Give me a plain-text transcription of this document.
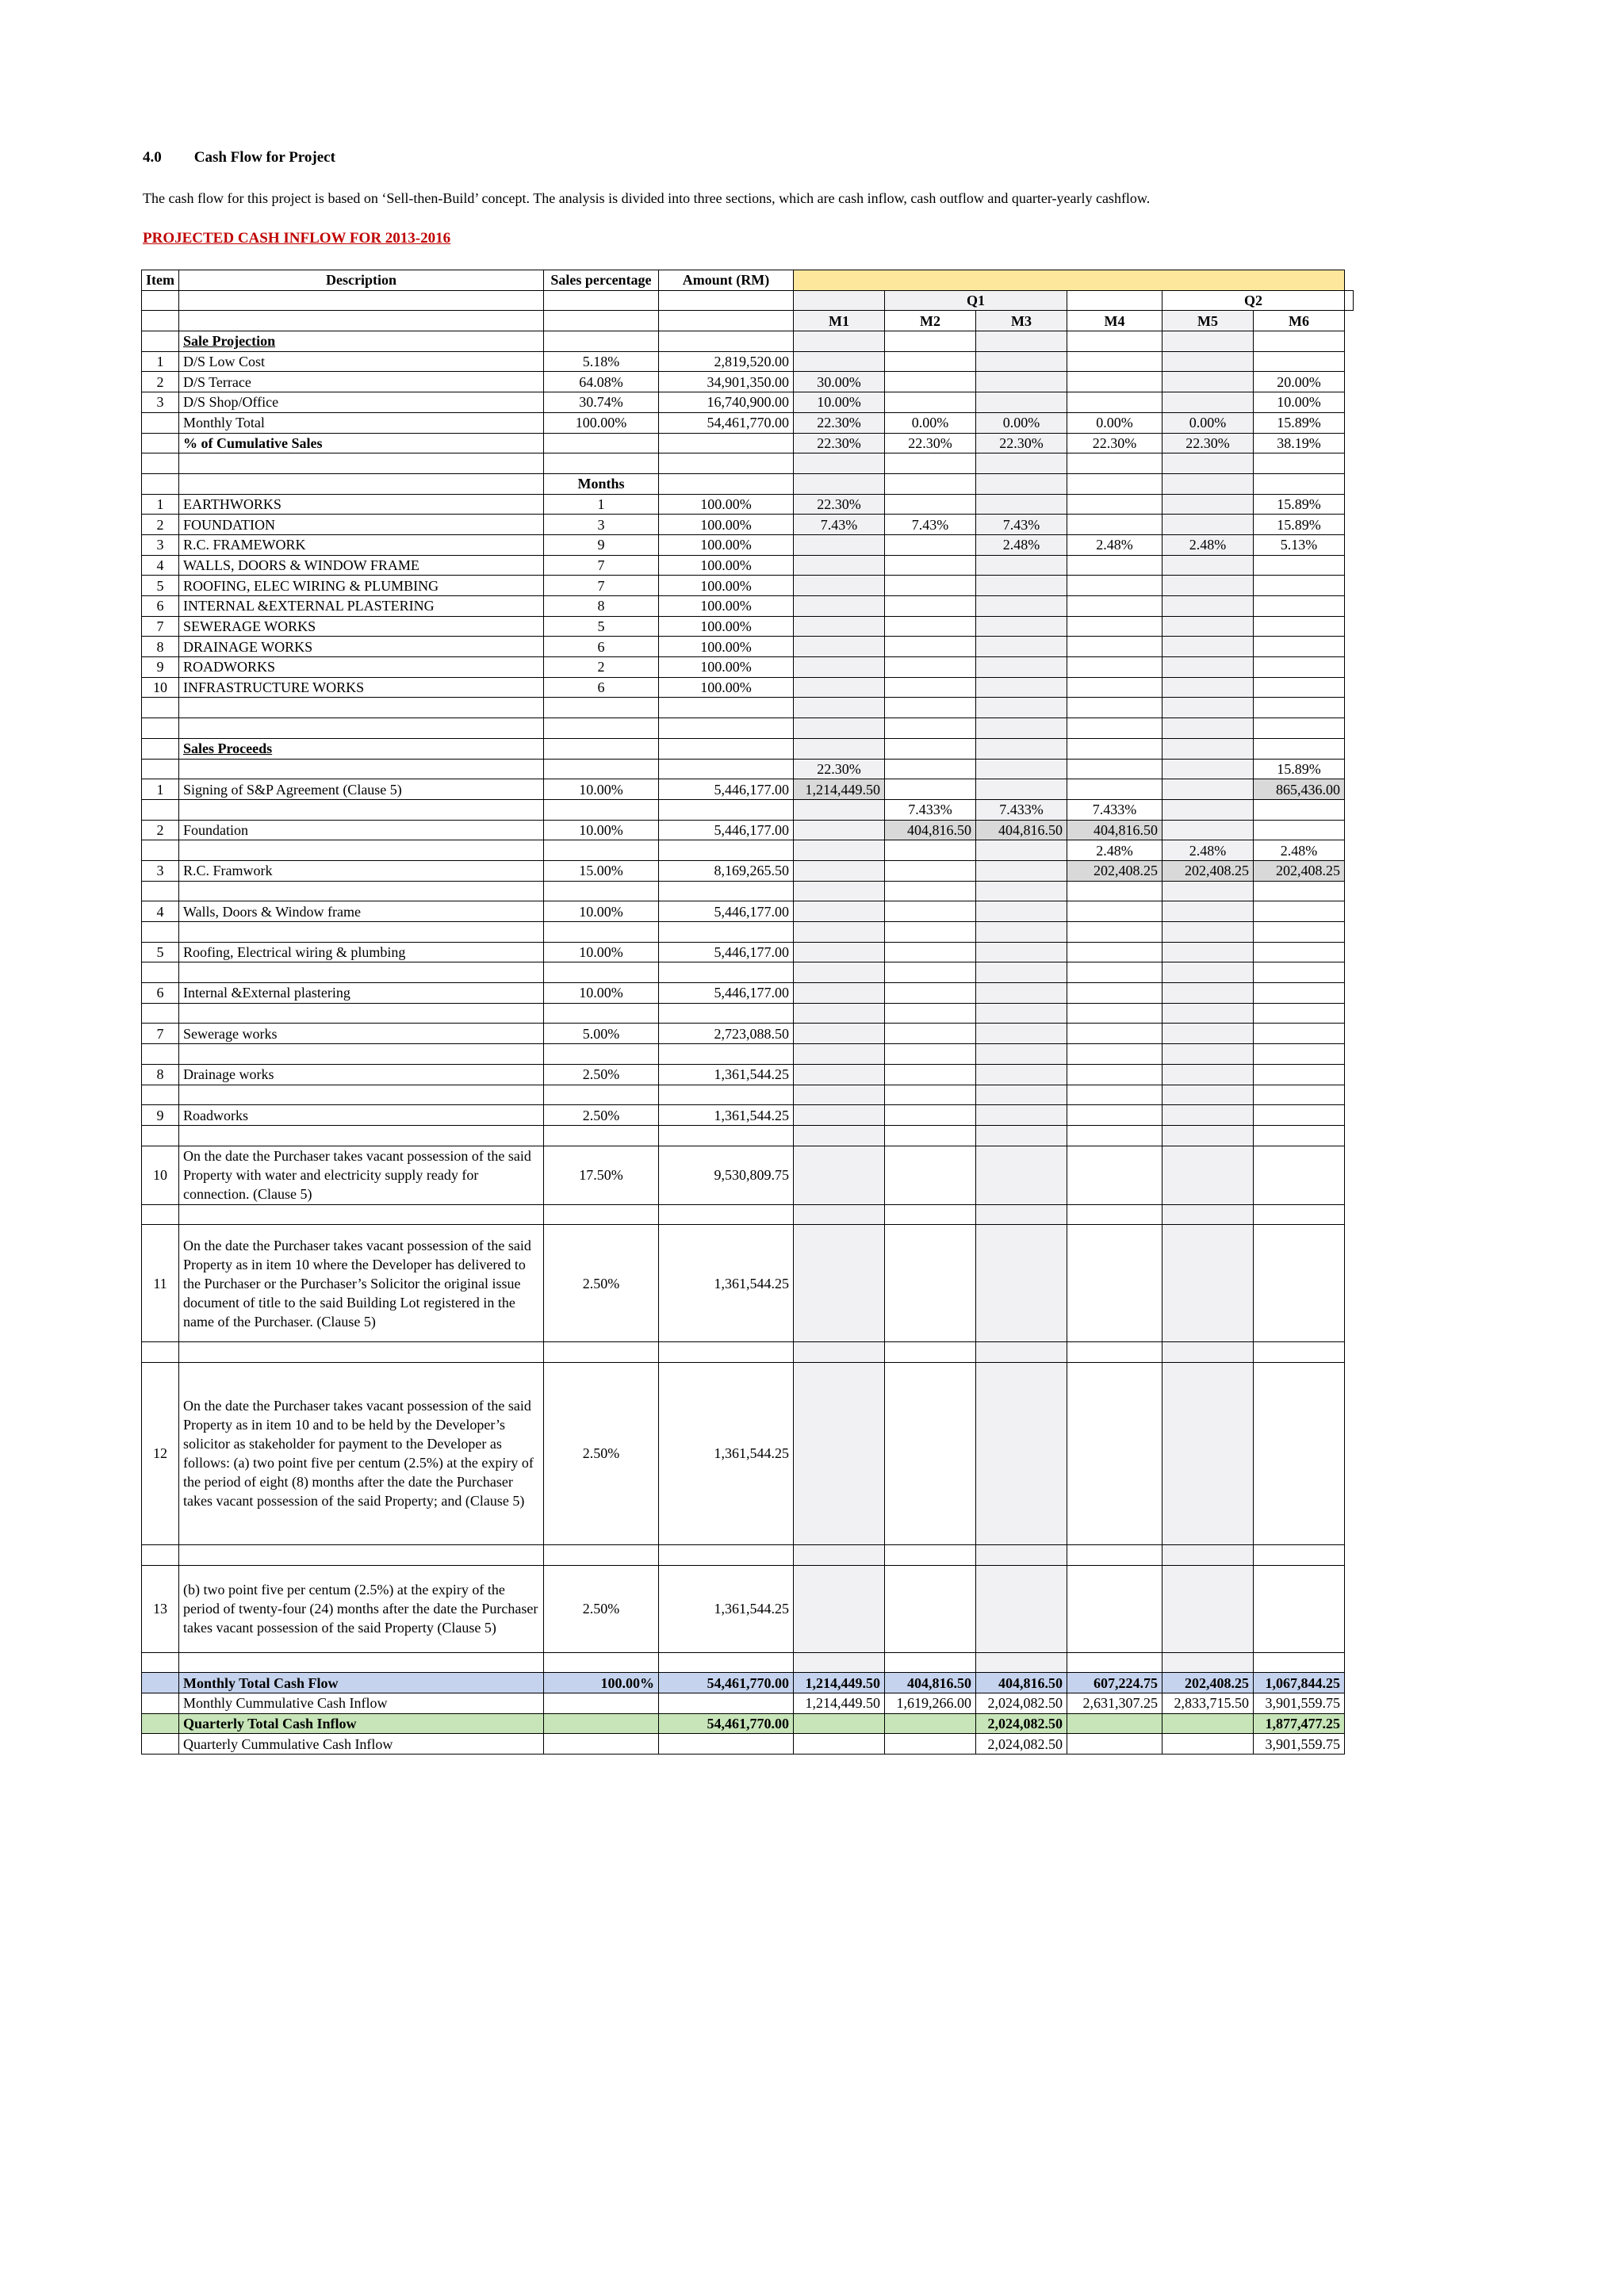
4.0 Cash Flow for Project
The cash flow for this project is based on ‘Sell-then-Build’ concept. The analysis is divided into three sections, which are cash inflow, cash outflow and quarter-yearly cashflow.
PROJECTED CASH INFLOW FOR 2013-2016
Item	Description	Sales percentage	Amount (RM)							
					Q1			Q2		
				M1	M2	M3	M4	M5	M6	
	Sale Projection									
1	D/S Low Cost	5.18%	2,819,520.00							
2	D/S Terrace	64.08%	34,901,350.00	30.00%					20.00%	
3	D/S Shop/Office	30.74%	16,740,900.00	10.00%					10.00%	
	Monthly Total	100.00%	54,461,770.00	22.30%	0.00%	0.00%	0.00%	0.00%	15.89%	
	% of Cumulative Sales			22.30%	22.30%	22.30%	22.30%	22.30%	38.19%	

		Months								
1	EARTHWORKS	1	100.00%	22.30%					15.89%	
2	FOUNDATION	3	100.00%	7.43%	7.43%	7.43%			15.89%	
3	R.C. FRAMEWORK	9	100.00%			2.48%	2.48%	2.48%	5.13%	
4	WALLS, DOORS & WINDOW FRAME	7	100.00%							
5	ROOFING, ELEC WIRING & PLUMBING	7	100.00%							
6	INTERNAL &EXTERNAL PLASTERING	8	100.00%							
7	SEWERAGE WORKS	5	100.00%							
8	DRAINAGE WORKS	6	100.00%							
9	ROADWORKS	2	100.00%							
10	INFRASTRUCTURE WORKS	6	100.00%							

	Sales Proceeds									
				22.30%					15.89%	
1	Signing of S&P Agreement (Clause 5)	10.00%	5,446,177.00	1,214,449.50					865,436.00	
					7.433%	7.433%	7.433%			
2	Foundation	10.00%	5,446,177.00		404,816.50	404,816.50	404,816.50			
							2.48%	2.48%	2.48%	
3	R.C. Framwork	15.00%	8,169,265.50				202,408.25	202,408.25	202,408.25	

4	Walls, Doors & Window frame	10.00%	5,446,177.00							

5	Roofing, Electrical wiring & plumbing	10.00%	5,446,177.00							

6	Internal &External plastering	10.00%	5,446,177.00							

7	Sewerage works	5.00%	2,723,088.50							

8	Drainage works	2.50%	1,361,544.25							

9	Roadworks	2.50%	1,361,544.25							

10	On the date the Purchaser takes vacant possession of the said Property with water and electricity supply ready for connection. (Clause 5)	17.50%	9,530,809.75							

11	On the date the Purchaser takes vacant possession of the said Property as in item 10 where the Developer has delivered to the Purchaser or the Purchaser’s Solicitor the original issue document of title to the said Building Lot registered in the name of the Purchaser. (Clause 5)	2.50%	1,361,544.25							

12	On the date the Purchaser takes vacant possession of the said Property as in item 10 and to be held by the Developer’s solicitor as stakeholder for payment to the Developer as follows: (a) two point five per centum (2.5%) at the expiry of the period of eight (8) months after the date the Purchaser takes vacant possession of the said Property; and (Clause 5)	2.50%	1,361,544.25							

13	(b) two point five per centum (2.5%) at the expiry of the period of twenty-four (24) months after the date the Purchaser takes vacant possession of the said Property (Clause 5)	2.50%	1,361,544.25							

	Monthly Total Cash Flow	100.00%	54,461,770.00	1,214,449.50	404,816.50	404,816.50	607,224.75	202,408.25	1,067,844.25	
	Monthly Cummulative Cash Inflow			1,214,449.50	1,619,266.00	2,024,082.50	2,631,307.25	2,833,715.50	3,901,559.75	
	Quarterly Total Cash Inflow		54,461,770.00			2,024,082.50			1,877,477.25	
	Quarterly Cummulative Cash Inflow					2,024,082.50			3,901,559.75	
